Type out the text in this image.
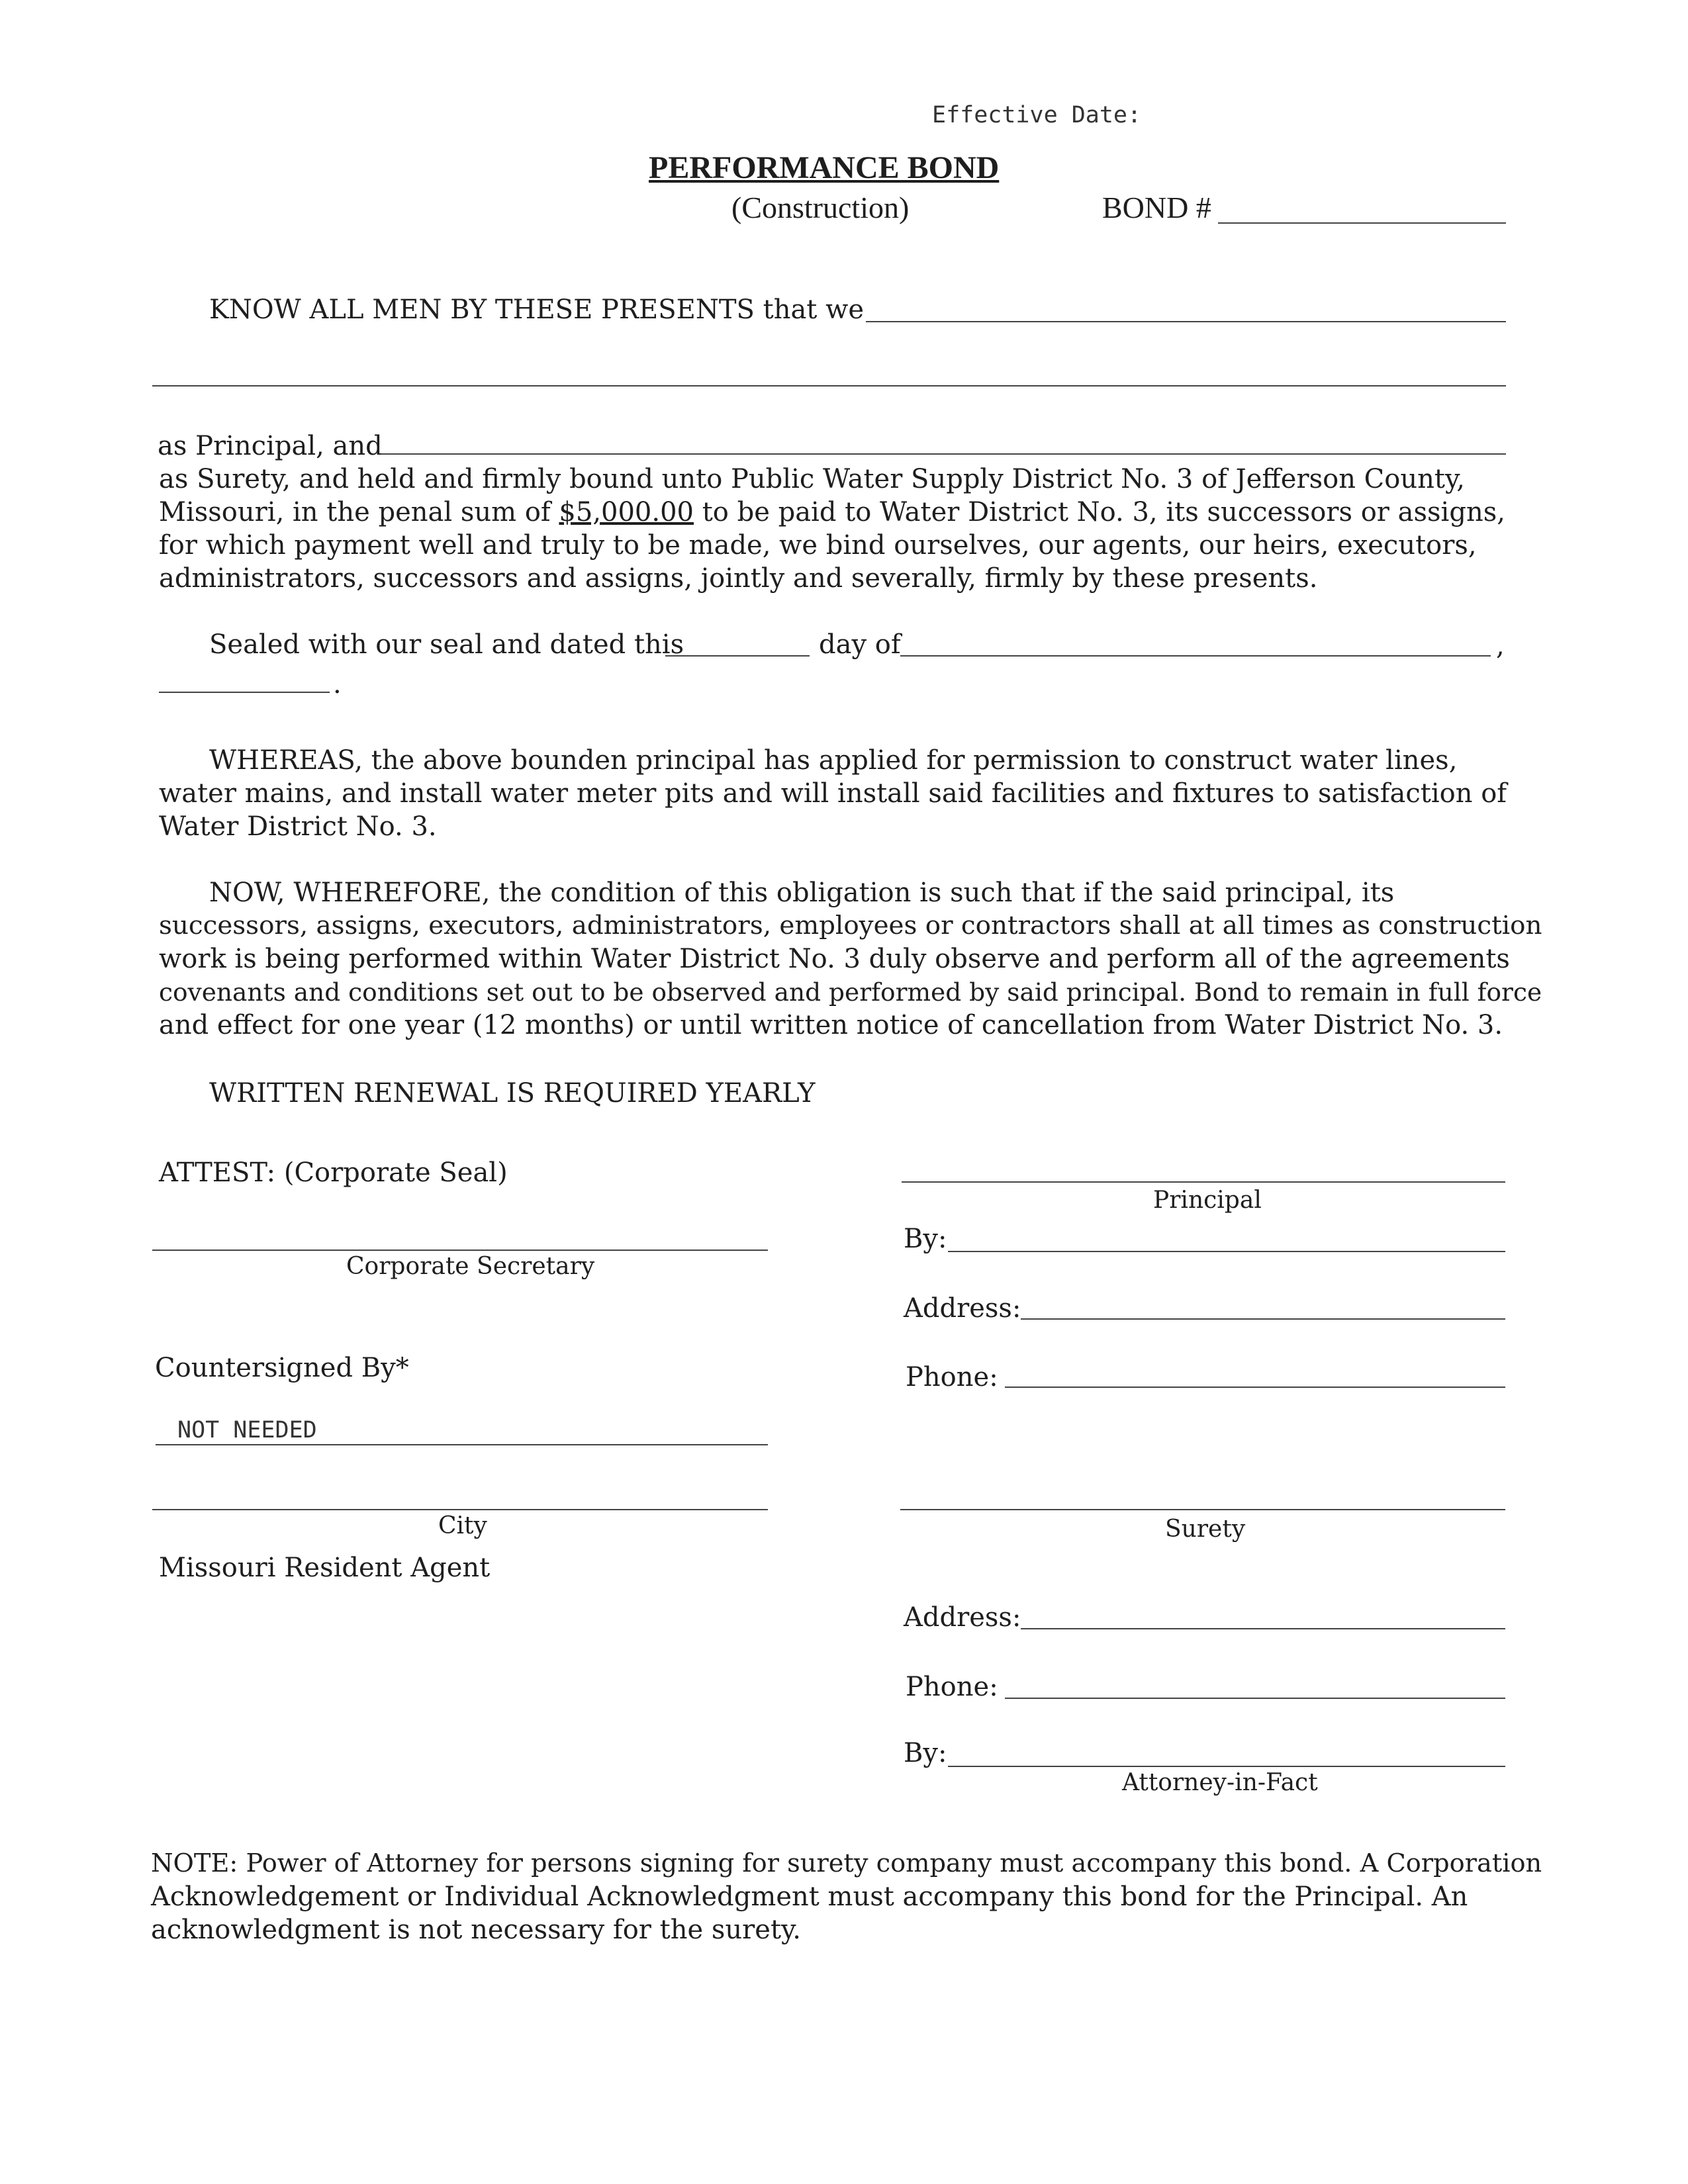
Effective Date:
PERFORMANCE BOND
(Construction)	BOND #
KNOW ALL MEN BY THESE PRESENTS that we
as Principal, and
as Surety, and held and firmly bound unto Public Water Supply District No. 3 of Jefferson County,
Missouri, in the penal sum of $5,000.00 to be paid to Water District No. 3, its successors or assigns,
for which payment well and truly to be made, we bind ourselves, our agents, our heirs, executors,
administrators, successors and assigns, jointly and severally, firmly by these presents.
Sealed with our seal and dated this	day of	,
.
WHEREAS, the above bounden principal has applied for permission to construct water lines,
water mains, and install water meter pits and will install said facilities and fixtures to satisfaction of
Water District No. 3.
NOW, WHEREFORE, the condition of this obligation is such that if the said principal, its
successors, assigns, executors, administrators, employees or contractors shall at all times as construction
work is being performed within Water District No. 3 duly observe and perform all of the agreements
covenants and conditions set out to be observed and performed by said principal. Bond to remain in full force
and effect for one year (12 months) or until written notice of cancellation from Water District No. 3.
WRITTEN RENEWAL IS REQUIRED YEARLY
ATTEST: (Corporate Seal)
Corporate Secretary
Countersigned By*
NOT NEEDED
City
Missouri Resident Agent
Principal
By:
Address:
Phone:
Surety
Address:
Phone:
By:
Attorney-in-Fact
NOTE: Power of Attorney for persons signing for surety company must accompany this bond. A Corporation
Acknowledgement or Individual Acknowledgment must accompany this bond for the Principal. An
acknowledgment is not necessary for the surety.
